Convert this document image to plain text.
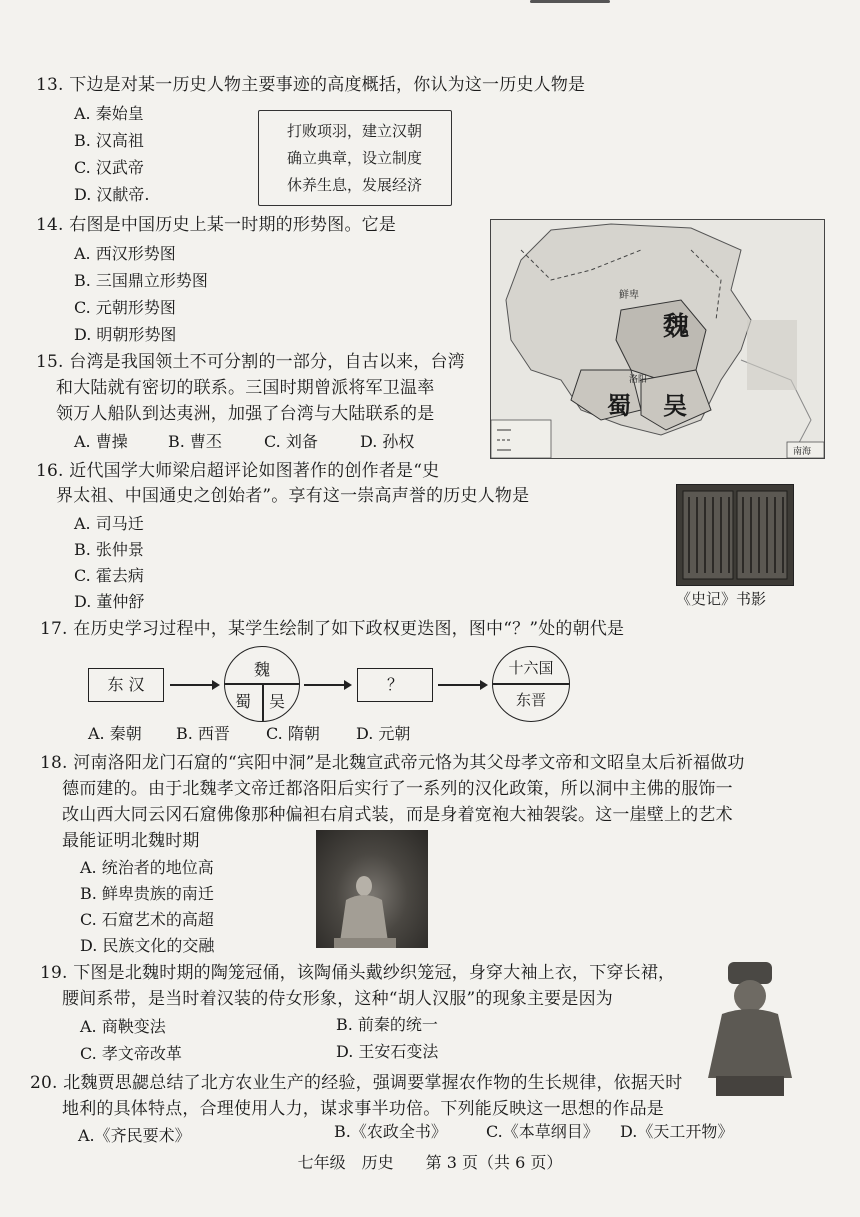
13. 下边是对某一历史人物主要事迹的高度概括，你认为这一历史人物是
A. 秦始皇
B. 汉高祖
C. 汉武帝
D. 汉献帝.
打败项羽，建立汉朝
确立典章，设立制度
休养生息，发展经济
14. 右图是中国历史上某一时期的形势图。它是
A. 西汉形势图
B. 三国鼎立形势图
C. 元朝形势图
D. 明朝形势图
鲜卑
魏
洛阳
蜀 吴
南海
15. 台湾是我国领土不可分割的一部分，自古以来，台湾
和大陆就有密切的联系。三国时期曾派将军卫温率
领万人船队到达夷洲，加强了台湾与大陆联系的是
A. 曹操	B. 曹丕	C. 刘备	D. 孙权
16. 近代国学大师梁启超评论如图著作的创作者是“史
界太祖、中国通史之创始者”。享有这一崇高声誉的历史人物是
A. 司马迁
B. 张仲景
C. 霍去病
D. 董仲舒	《史记》书影
17. 在历史学习过程中，某学生绘制了如下政权更迭图，图中“？”处的朝代是
东 汉
魏
蜀 吴
？
十六国
东晋
A. 秦朝 B. 西晋 C. 隋朝 D. 元朝
18. 河南洛阳龙门石窟的“宾阳中洞”是北魏宣武帝元恪为其父母孝文帝和文昭皇太后祈福做功
德而建的。由于北魏孝文帝迁都洛阳后实行了一系列的汉化政策，所以洞中主佛的服饰一
改山西大同云冈石窟佛像那种偏袒右肩式装，而是身着宽袍大袖袈裟。这一崖壁上的艺术
最能证明北魏时期
A. 统治者的地位高
B. 鲜卑贵族的南迁
C. 石窟艺术的高超
D. 民族文化的交融
19. 下图是北魏时期的陶笼冠俑，该陶俑头戴纱织笼冠，身穿大袖上衣，下穿长裙，
腰间系带，是当时着汉装的侍女形象，这种“胡人汉服”的现象主要是因为
A. 商鞅变法	B. 前秦的统一
C. 孝文帝改革	D. 王安石变法
20. 北魏贾思勰总结了北方农业生产的经验，强调要掌握农作物的生长规律，依据天时
地利的具体特点，合理使用人力，谋求事半功倍。下列能反映这一思想的作品是
A.《齐民要术》	B.《农政全书》 C.《本草纲目》 D.《天工开物》
七年级　历史　　第 3 页（共 6 页）
